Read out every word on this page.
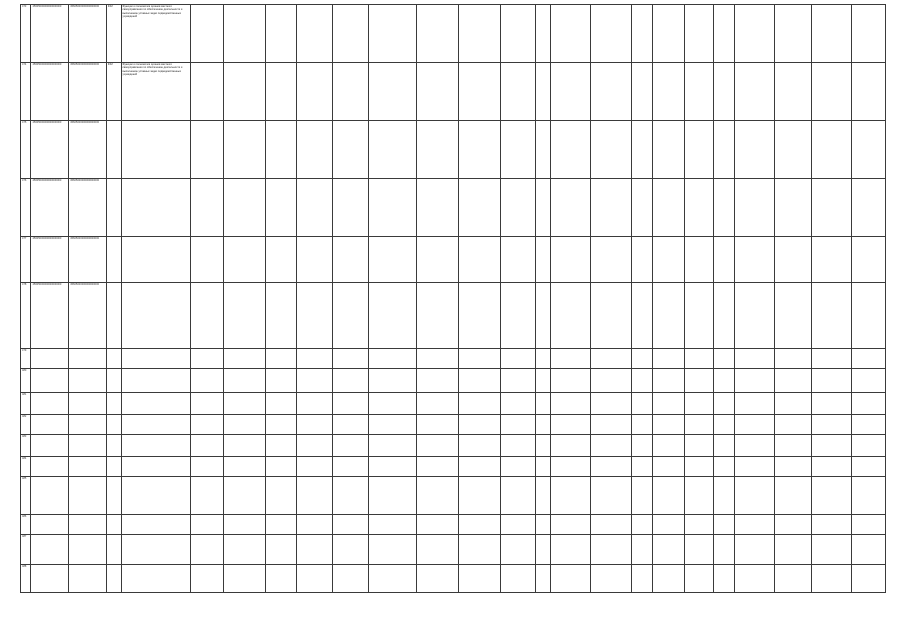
473	45605000000000000000	45605000000000000000	Ф/М	Функции и полномочия органов местного самоуправления по обеспечению деятельности и выполнению уставных задач подведомственных учреждений																				
474	45605000000000000000	45605000000000000000	Ф/М	Функции и полномочия органов местного самоуправления по обеспечению деятельности и выполнению уставных задач подведомственных учреждений																				
475	45605000000000000000	45605000000000000000																						
476	45605000000000000000	45605000000000000000																						
477	45605000000000000000	45605000000000000000																						
478	45605000000000000000	45605000000000000000																						
479																								
480																								
481																								
482																								
483																								
484																								
485																								
486																								
487																								
488																								
